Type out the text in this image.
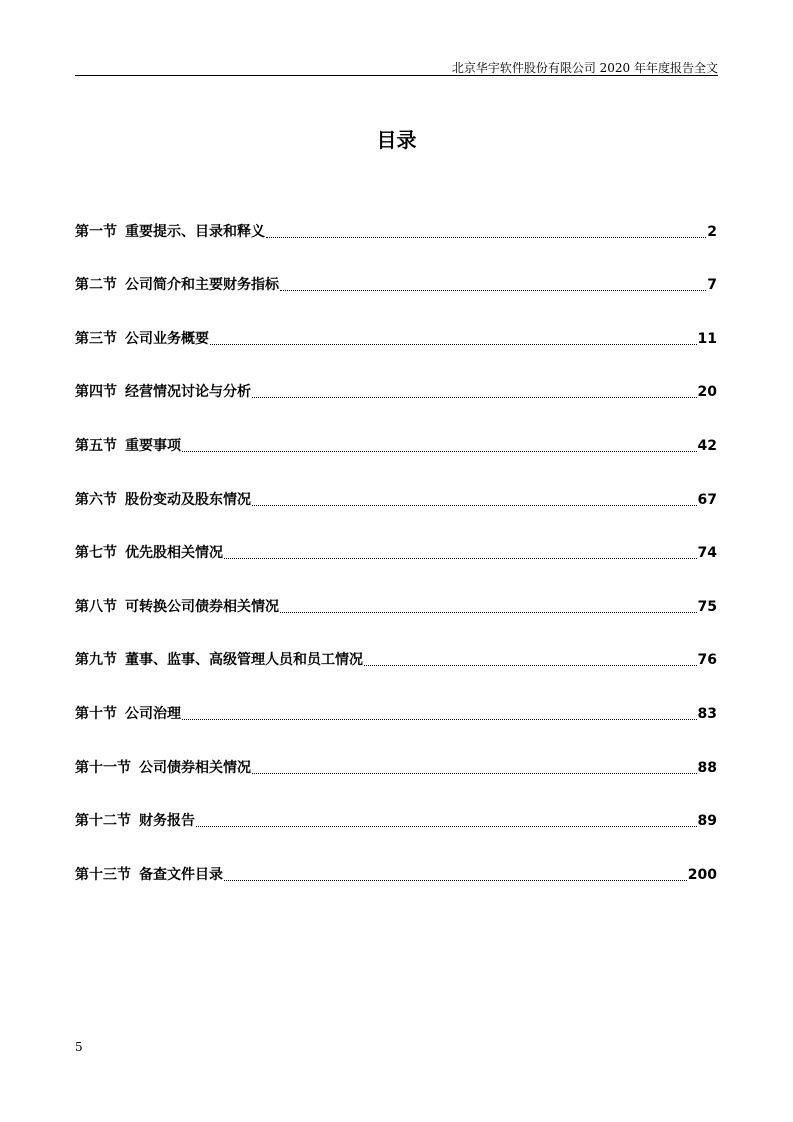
北京华宇软件股份有限公司 2020 年年度报告全文
目录
第一节 重要提示、目录和释义	2
第二节 公司简介和主要财务指标	7
第三节 公司业务概要	11
第四节 经营情况讨论与分析	20
第五节 重要事项	42
第六节 股份变动及股东情况	67
第七节 优先股相关情况	74
第八节 可转换公司债券相关情况	75
第九节 董事、监事、高级管理人员和员工情况	76
第十节 公司治理	83
第十一节 公司债券相关情况	88
第十二节 财务报告	89
第十三节 备查文件目录	200
5
